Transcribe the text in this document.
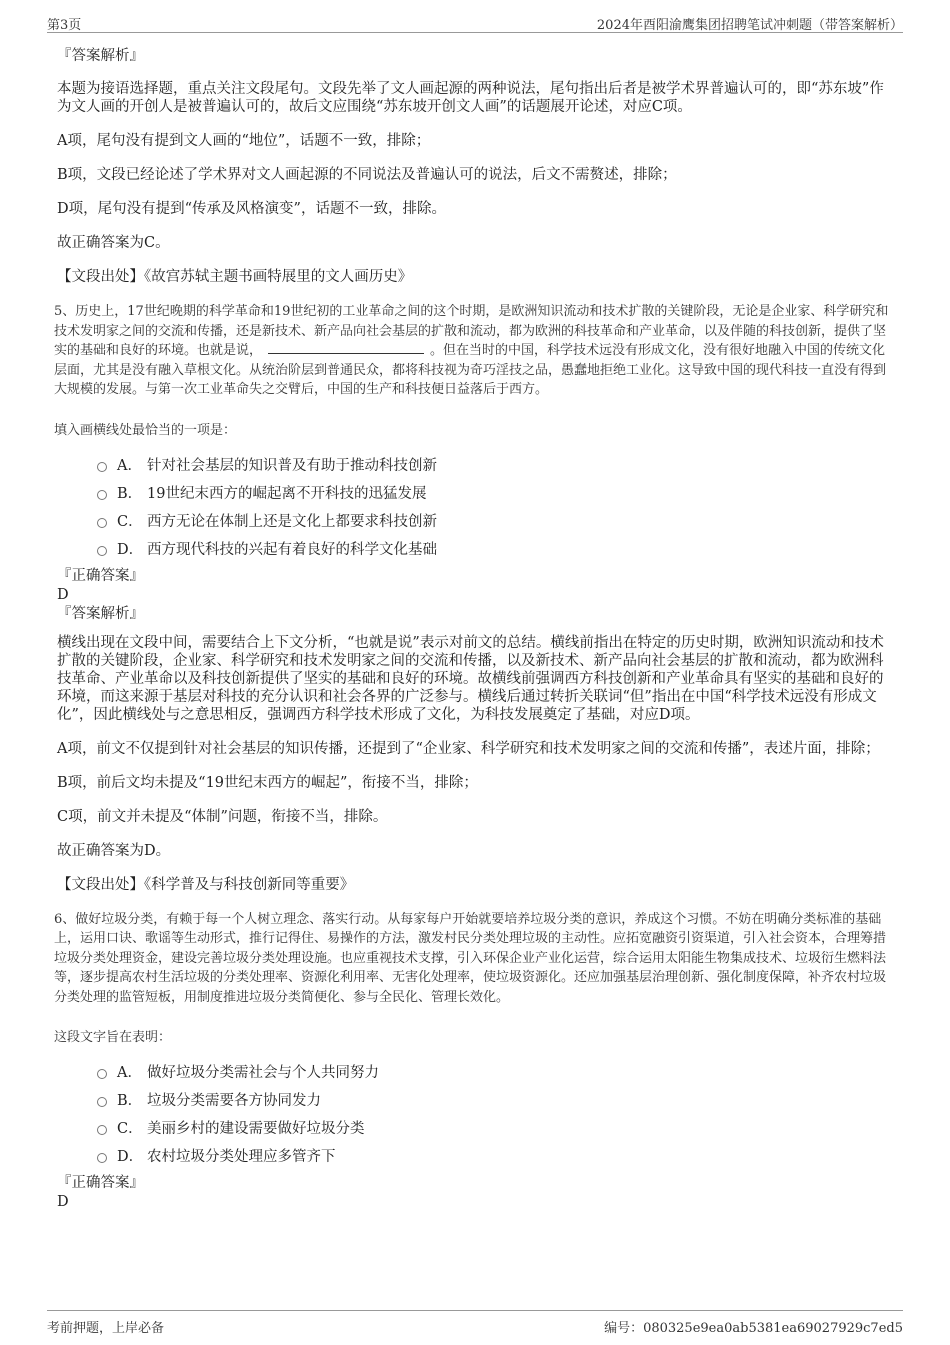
第3页	2024年酉阳渝鹰集团招聘笔试冲刺题（带答案解析）

『答案解析』

本题为接语选择题，重点关注文段尾句。文段先举了文人画起源的两种说法，尾句指出后者是被学术界普遍认可的，即“苏东坡”作为文人画的开创人是被普遍认可的，故后文应围绕“苏东坡开创文人画”的话题展开论述，对应C项。

A项，尾句没有提到文人画的“地位”，话题不一致，排除；

B项，文段已经论述了学术界对文人画起源的不同说法及普遍认可的说法，后文不需赘述，排除；

D项，尾句没有提到“传承及风格演变”，话题不一致，排除。

故正确答案为C。

【文段出处】《故宫苏轼主题书画特展里的文人画历史》

5、历史上，17世纪晚期的科学革命和19世纪初的工业革命之间的这个时期，是欧洲知识流动和技术扩散的关键阶段，无论是企业家、科学研究和技术发明家之间的交流和传播，还是新技术、新产品向社会基层的扩散和流动，都为欧洲的科技革命和产业革命，以及伴随的科技创新，提供了坚实的基础和良好的环境。也就是说，	。但在当时的中国，科学技术远没有形成文化，没有很好地融入中国的传统文化层面，尤其是没有融入草根文化。从统治阶层到普通民众，都将科技视为奇巧淫技之品，愚蠢地拒绝工业化。这导致中国的现代科技一直没有得到大规模的发展。与第一次工业革命失之交臂后，中国的生产和科技便日益落后于西方。

填入画横线处最恰当的一项是：

A． 针对社会基层的知识普及有助于推动科技创新
B． 19世纪末西方的崛起离不开科技的迅猛发展
C． 西方无论在体制上还是文化上都要求科技创新
D． 西方现代科技的兴起有着良好的科学文化基础

『正确答案』

D

『答案解析』

横线出现在文段中间，需要结合上下文分析，“也就是说”表示对前文的总结。横线前指出在特定的历史时期，欧洲知识流动和技术扩散的关键阶段，企业家、科学研究和技术发明家之间的交流和传播，以及新技术、新产品向社会基层的扩散和流动，都为欧洲科技革命、产业革命以及科技创新提供了坚实的基础和良好的环境。故横线前强调西方科技创新和产业革命具有坚实的基础和良好的环境，而这来源于基层对科技的充分认识和社会各界的广泛参与。横线后通过转折关联词“但”指出在中国“科学技术远没有形成文化”，因此横线处与之意思相反，强调西方科学技术形成了文化，为科技发展奠定了基础，对应D项。

A项，前文不仅提到针对社会基层的知识传播，还提到了“企业家、科学研究和技术发明家之间的交流和传播”，表述片面，排除；

B项，前后文均未提及“19世纪末西方的崛起”，衔接不当，排除；

C项，前文并未提及“体制”问题，衔接不当，排除。

故正确答案为D。

【文段出处】《科学普及与科技创新同等重要》

6、做好垃圾分类，有赖于每一个人树立理念、落实行动。从每家每户开始就要培养垃圾分类的意识，养成这个习惯。不妨在明确分类标准的基础上，运用口诀、歌谣等生动形式，推行记得住、易操作的方法，激发村民分类处理垃圾的主动性。应拓宽融资引资渠道，引入社会资本，合理筹措垃圾分类处理资金，建设完善垃圾分类处理设施。也应重视技术支撑，引入环保企业产业化运营，综合运用太阳能生物集成技术、垃圾衍生燃料法等，逐步提高农村生活垃圾的分类处理率、资源化利用率、无害化处理率，使垃圾资源化。还应加强基层治理创新、强化制度保障，补齐农村垃圾分类处理的监管短板，用制度推进垃圾分类简便化、参与全民化、管理长效化。

这段文字旨在表明：

A． 做好垃圾分类需社会与个人共同努力
B． 垃圾分类需要各方协同发力
C． 美丽乡村的建设需要做好垃圾分类
D． 农村垃圾分类处理应多管齐下

『正确答案』

D

考前押题，上岸必备	编号：080325e9ea0ab5381ea69027929c7ed5
